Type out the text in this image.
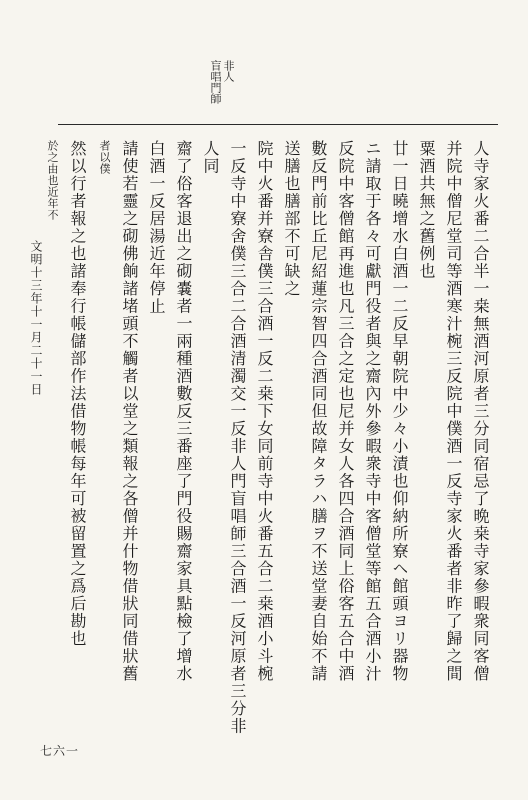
非人
盲唱門師
人寺家火番二合半一桒無酒河原者三分同宿忌了晩桒寺家參暇衆同客僧
并院中僧尼堂司等酒寒汁椀三反院中僕酒一反寺家火番者非昨了歸之間
粟酒共無之舊例也
廿一日曉增水白酒一二反早朝院中少々小漬也仰納所寮ヘ館頭ヨリ器物
ニ請取于各々可獻門役者與之齋內外參暇衆寺中客僧堂等館五合酒小汁
反院中客僧館再進也凡三合之定也尼并女人各四合酒同上俗客五合中酒
數反門前比丘尼紹蓮宗智四合酒同但故障タラハ膳ヲ不送堂妻自始不請
送膳也膳部不可缺之
院中火番并寮舎僕三合酒一反二桒下女同前寺中火番五合二桒酒小斗椀
一反寺中寮舍僕三合二合酒清濁交一反非人門盲唱師三合酒一反河原者三分非
人同
齋了俗客退出之砌嚢者一兩種酒數反三番座了門役賜齋家具點檢了增水
白酒一反居湯近年停止
請使若靈之砌佛餉諸堵頭不觸者以堂之類報之各僧并什物借狀同借狀舊
者以僕
然以行者報之也諸奉行帳儲部作法借物帳每年可被留置之爲后勘也
於之由也近年不
文明十三年十一月二十一日
七六一
